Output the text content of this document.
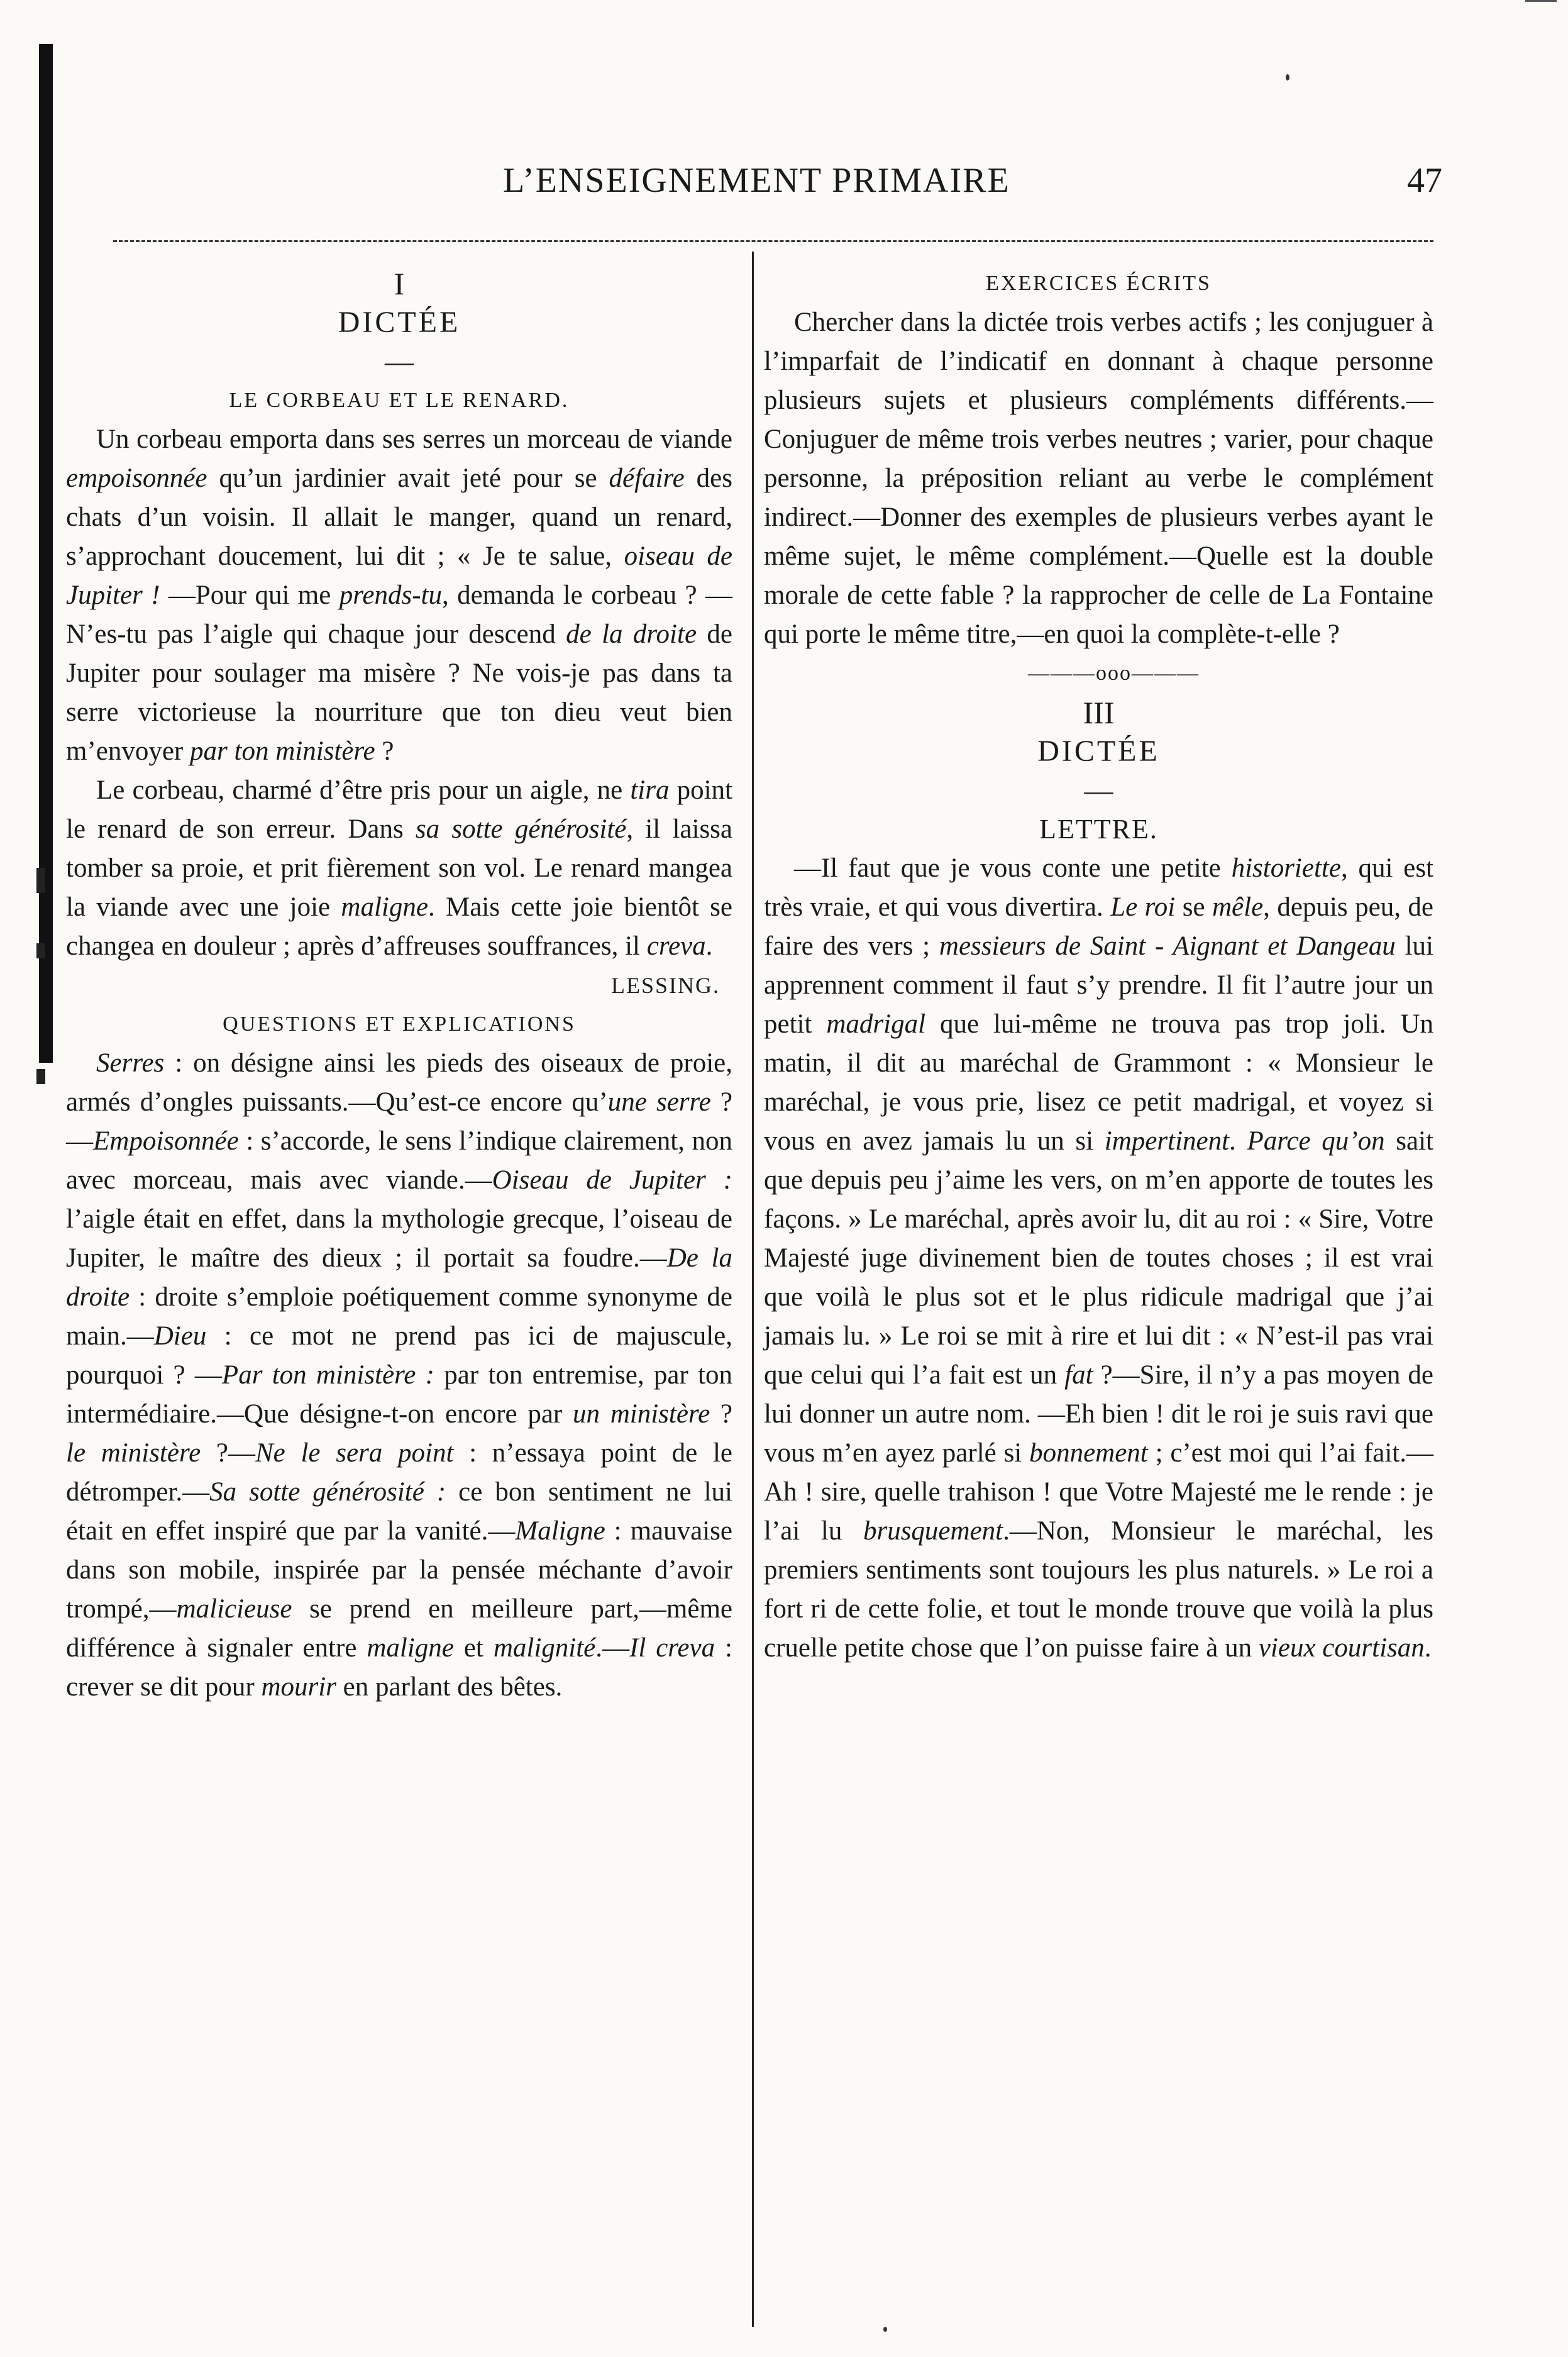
L’ENSEIGNEMENT PRIMAIRE	47

I

DICTÉE

—

LE CORBEAU ET LE RENARD.

Un corbeau emporta dans ses serres un morceau de viande empoisonnée qu’un jardinier avait jeté pour se défaire des chats d’un voisin. Il allait le manger, quand un renard, s’approchant doucement, lui dit ; « Je te salue, oiseau de Jupiter ! —Pour qui me prends-tu, demanda le corbeau ? —N’es-tu pas l’aigle qui chaque jour descend de la droite de Jupiter pour soulager ma misère ? Ne vois-je pas dans ta serre victorieuse la nourriture que ton dieu veut bien m’envoyer par ton ministère ?

Le corbeau, charmé d’être pris pour un aigle, ne tira point le renard de son erreur. Dans sa sotte générosité, il laissa tomber sa proie, et prit fièrement son vol. Le renard mangea la viande avec une joie maligne. Mais cette joie bientôt se changea en douleur ; après d’affreuses souffrances, il creva.

LESSING.

QUESTIONS ET EXPLICATIONS

Serres : on désigne ainsi les pieds des oiseaux de proie, armés d’ongles puissants.—Qu’est-ce encore qu’une serre ?—Empoisonnée : s’accorde, le sens l’indique clairement, non avec morceau, mais avec viande.—Oiseau de Jupiter : l’aigle était en effet, dans la mythologie grecque, l’oiseau de Jupiter, le maître des dieux ; il portait sa foudre.—De la droite : droite s’emploie poétiquement comme synonyme de main.—Dieu : ce mot ne prend pas ici de majuscule, pourquoi ? —Par ton ministère : par ton entremise, par ton intermédiaire.—Que désigne-t-on encore par un ministère ? le ministère ?—Ne le sera point : n’essaya point de le détromper.—Sa sotte générosité : ce bon sentiment ne lui était en effet inspiré que par la vanité.—Maligne : mauvaise dans son mobile, inspirée par la pensée méchante d’avoir trompé,—malicieuse se prend en meilleure part,—même différence à signaler entre maligne et malignité.—Il creva : crever se dit pour mourir en parlant des bêtes.

EXERCICES ÉCRITS

Chercher dans la dictée trois verbes actifs ; les conjuguer à l’imparfait de l’indicatif en donnant à chaque personne plusieurs sujets et plusieurs compléments différents.—Conjuguer de même trois verbes neutres ; varier, pour chaque personne, la préposition reliant au verbe le complément indirect.—Donner des exemples de plusieurs verbes ayant le même sujet, le même complément.—Quelle est la double morale de cette fable ? la rapprocher de celle de La Fontaine qui porte le même titre,—en quoi la complète-t-elle ?

———ooo———

III

DICTÉE

—

LETTRE.

—Il faut que je vous conte une petite historiette, qui est très vraie, et qui vous divertira. Le roi se mêle, depuis peu, de faire des vers ; messieurs de Saint - Aignant et Dangeau lui apprennent comment il faut s’y prendre. Il fit l’autre jour un petit madrigal que lui-même ne trouva pas trop joli. Un matin, il dit au maréchal de Grammont : « Monsieur le maréchal, je vous prie, lisez ce petit madrigal, et voyez si vous en avez jamais lu un si impertinent. Parce qu’on sait que depuis peu j’aime les vers, on m’en apporte de toutes les façons. » Le maréchal, après avoir lu, dit au roi : « Sire, Votre Majesté juge divinement bien de toutes choses ; il est vrai que voilà le plus sot et le plus ridicule madrigal que j’ai jamais lu. » Le roi se mit à rire et lui dit : « N’est-il pas vrai que celui qui l’a fait est un fat ?—Sire, il n’y a pas moyen de lui donner un autre nom. —Eh bien ! dit le roi je suis ravi que vous m’en ayez parlé si bonnement ; c’est moi qui l’ai fait.—Ah ! sire, quelle trahison ! que Votre Majesté me le rende : je l’ai lu brusquement.—Non, Monsieur le maréchal, les premiers sentiments sont toujours les plus naturels. » Le roi a fort ri de cette folie, et tout le monde trouve que voilà la plus cruelle petite chose que l’on puisse faire à un vieux courtisan.
